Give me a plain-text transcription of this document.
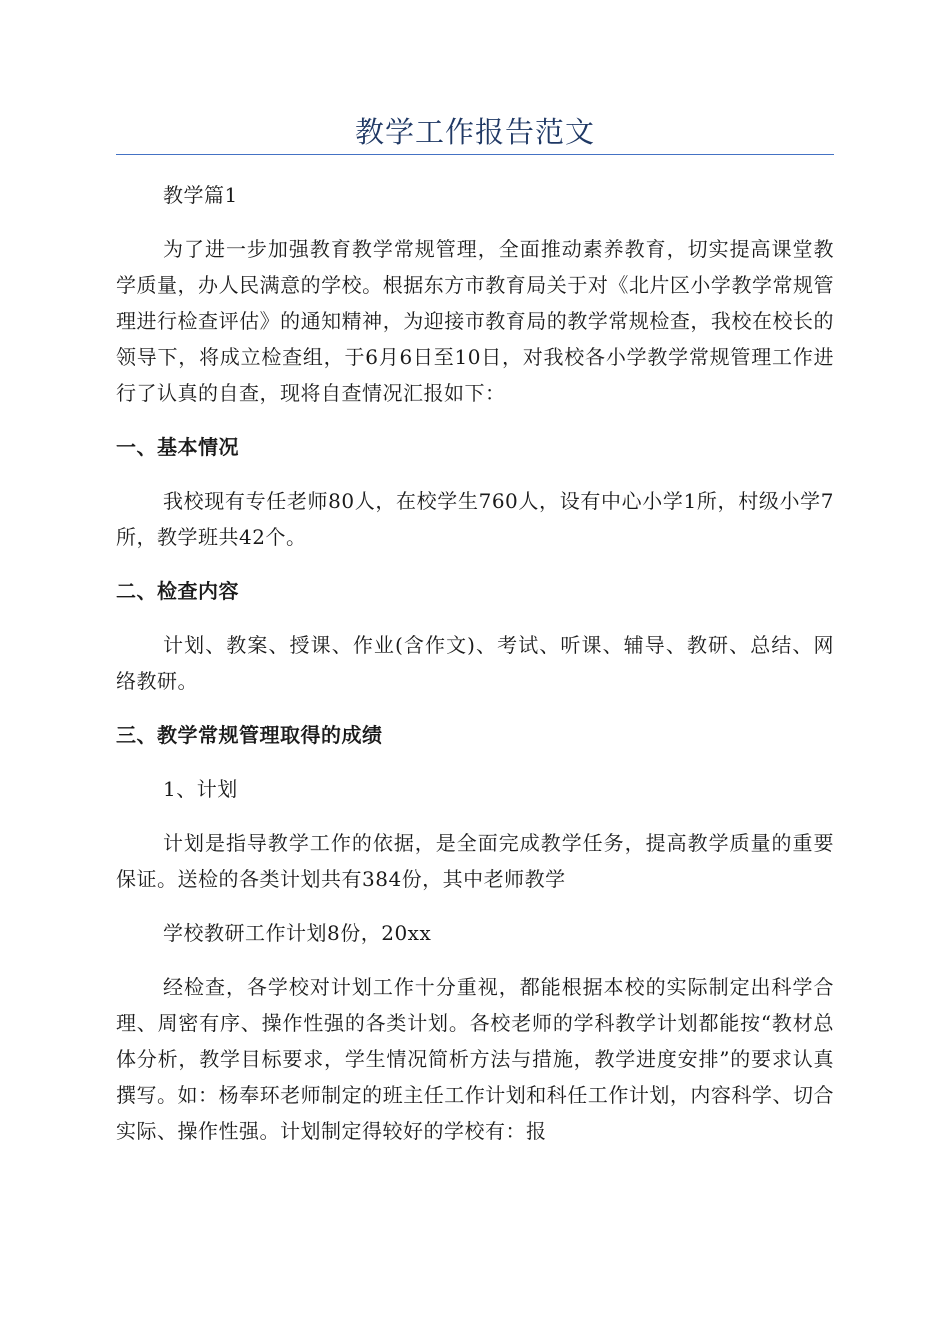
教学工作报告范文

教学篇1

为了进一步加强教育教学常规管理，全面推动素养教育，切实提高课堂教学质量，办人民满意的学校。根据东方市教育局关于对《北片区小学教学常规管理进行检查评估》的通知精神，为迎接市教育局的教学常规检查，我校在校长的领导下，将成立检查组，于6月6日至10日，对我校各小学教学常规管理工作进行了认真的自查，现将自查情况汇报如下：

一、基本情况

我校现有专任老师80人，在校学生760人，设有中心小学1所，村级小学7所，教学班共42个。

二、检查内容

计划、教案、授课、作业(含作文)、考试、听课、辅导、教研、总结、网络教研。

三、教学常规管理取得的成绩

1、计划

计划是指导教学工作的依据，是全面完成教学任务，提高教学质量的重要保证。送检的各类计划共有384份，其中老师教学

学校教研工作计划8份，20xx

经检查，各学校对计划工作十分重视，都能根据本校的实际制定出科学合理、周密有序、操作性强的各类计划。各校老师的学科教学计划都能按“教材总体分析，教学目标要求，学生情况简析方法与措施，教学进度安排”的要求认真撰写。如：杨奉环老师制定的班主任工作计划和科任工作计划，内容科学、切合实际、操作性强。计划制定得较好的学校有：报
